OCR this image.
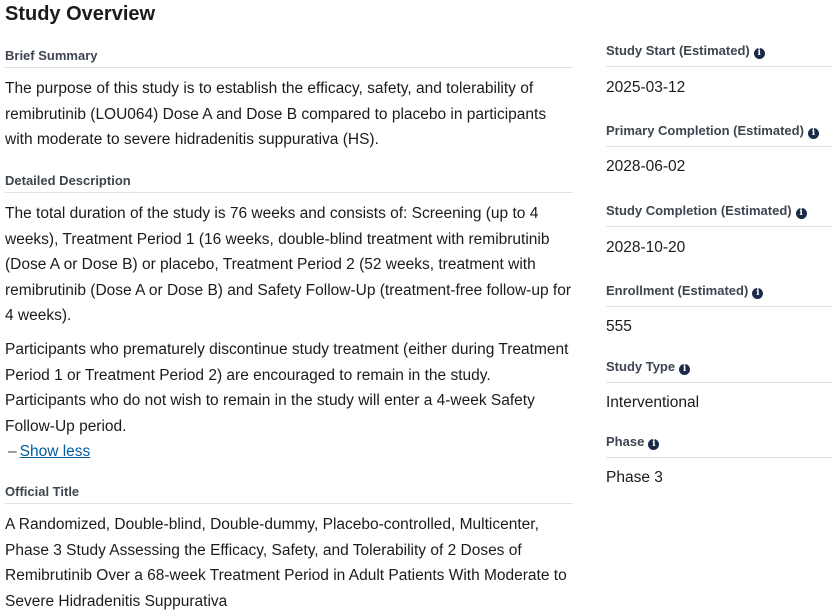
Study Overview
Brief Summary

The purpose of this study is to establish the efficacy, safety, and tolerability of remibrutinib (LOU064) Dose A and Dose B compared to placebo in participants with moderate to severe hidradenitis suppurativa (HS).

Detailed Description

The total duration of the study is 76 weeks and consists of: Screening (up to 4 weeks), Treatment Period 1 (16 weeks, double-blind treatment with remibrutinib (Dose A or Dose B) or placebo, Treatment Period 2 (52 weeks, treatment with remibrutinib (Dose A or Dose B) and Safety Follow-Up (treatment-free follow-up for 4 weeks).

Participants who prematurely discontinue study treatment (either during Treatment Period 1 or Treatment Period 2) are encouraged to remain in the study. Participants who do not wish to remain in the study will enter a 4-week Safety Follow-Up period.

– Show less
Official Title

A Randomized, Double-blind, Double-dummy, Placebo-controlled, Multicenter, Phase 3 Study Assessing the Efficacy, Safety, and Tolerability of 2 Doses of Remibrutinib Over a 68-week Treatment Period in Adult Patients With Moderate to Severe Hidradenitis Suppurativa

Study Start (Estimated) i
2025-03-12
Primary Completion (Estimated) i
2028-06-02
Study Completion (Estimated) i
2028-10-20
Enrollment (Estimated) i
555
Study Type i
Interventional
Phase i
Phase 3
